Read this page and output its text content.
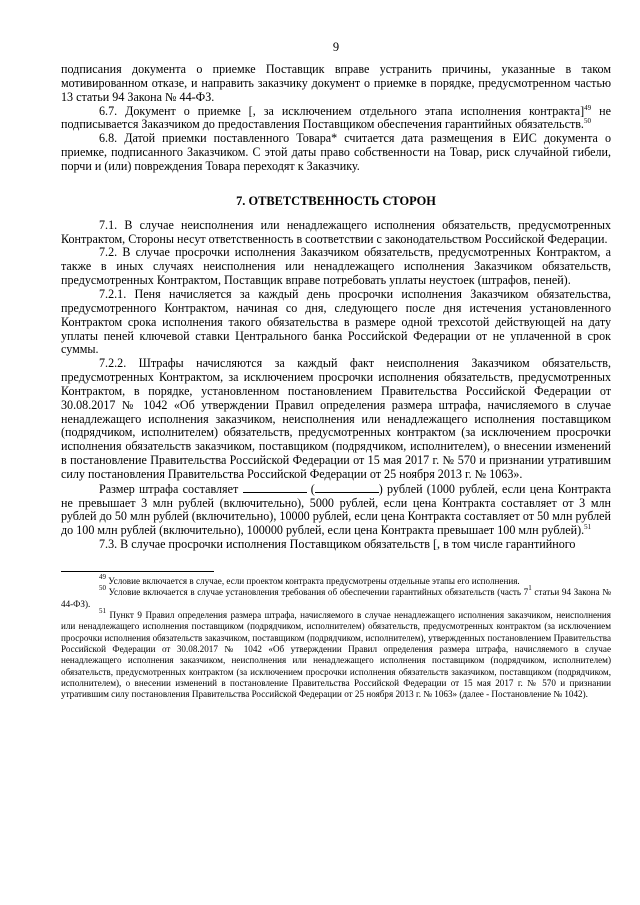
9

подписания документа о приемке Поставщик вправе устранить причины, указанные в таком мотивированном отказе, и направить заказчику документ о приемке в порядке, предусмотренном частью 13 статьи 94 Закона № 44-ФЗ.

6.7. Документ о приемке [, за исключением отдельного этапа исполнения контракта]$^{49}$ не подписывается Заказчиком до предоставления Поставщиком обеспечения гарантийных обязательств.$^{50}$

6.8. Датой приемки поставленного Товара* считается дата размещения в ЕИС документа о приемке, подписанного Заказчиком. С этой даты право собственности на Товар, риск случайной гибели, порчи и (или) повреждения Товара переходят к Заказчику.

7. ОТВЕТСТВЕННОСТЬ СТОРОН

7.1. В случае неисполнения или ненадлежащего исполнения обязательств, предусмотренных Контрактом, Стороны несут ответственность в соответствии с законодательством Российской Федерации.

7.2. В случае просрочки исполнения Заказчиком обязательств, предусмотренных Контрактом, а также в иных случаях неисполнения или ненадлежащего исполнения Заказчиком обязательств, предусмотренных Контрактом, Поставщик вправе потребовать уплаты неустоек (штрафов, пеней).

7.2.1. Пеня начисляется за каждый день просрочки исполнения Заказчиком обязательства, предусмотренного Контрактом, начиная со дня, следующего после дня истечения установленного Контрактом срока исполнения такого обязательства в размере одной трехсотой действующей на дату уплаты пеней ключевой ставки Центрального банка Российской Федерации от не уплаченной в срок суммы.

7.2.2. Штрафы начисляются за каждый факт неисполнения Заказчиком обязательств, предусмотренных Контрактом, за исключением просрочки исполнения обязательств, предусмотренных Контрактом, в порядке, установленном постановлением Правительства Российской Федерации от 30.08.2017 № 1042 «Об утверждении Правил определения размера штрафа, начисляемого в случае ненадлежащего исполнения заказчиком, неисполнения или ненадлежащего исполнения поставщиком (подрядчиком, исполнителем) обязательств, предусмотренных контрактом (за исключением просрочки исполнения обязательств заказчиком, поставщиком (подрядчиком, исполнителем), о внесении изменений в постановление Правительства Российской Федерации от 15 мая 2017 г. № 570 и признании утратившим силу постановления Правительства Российской Федерации от 25 ноября 2013 г. № 1063».

Размер штрафа составляет	(	) рублей (1000 рублей, если цена Контракта не превышает 3 млн рублей (включительно), 5000 рублей, если цена Контракта составляет от 3 млн рублей до 50 млн рублей (включительно), 10000 рублей, если цена Контракта составляет от 50 млн рублей до 100 млн рублей (включительно), 100000 рублей, если цена Контракта превышает 100 млн рублей).$^{51}$

7.3. В случае просрочки исполнения Поставщиком обязательств [, в том числе гарантийного

$^{49}$ Условие включается в случае, если проектом контракта предусмотрены отдельные этапы его исполнения.

$^{50}$ Условие включается в случае установления требования об обеспечении гарантийных обязательств (часть $7^1$ статьи 94 Закона № 44-ФЗ).

$^{51}$ Пункт 9 Правил определения размера штрафа, начисляемого в случае ненадлежащего исполнения заказчиком, неисполнения или ненадлежащего исполнения поставщиком (подрядчиком, исполнителем) обязательств, предусмотренных контрактом (за исключением просрочки исполнения обязательств заказчиком, поставщиком (подрядчиком, исполнителем), утвержденных постановлением Правительства Российской Федерации от 30.08.2017 № 1042 «Об утверждении Правил определения размера штрафа, начисляемого в случае ненадлежащего исполнения заказчиком, неисполнения или ненадлежащего исполнения поставщиком (подрядчиком, исполнителем) обязательств, предусмотренных контрактом (за исключением просрочки исполнения обязательств заказчиком, поставщиком (подрядчиком, исполнителем), о внесении изменений в постановление Правительства Российской Федерации от 15 мая 2017 г. № 570 и признании утратившим силу постановления Правительства Российской Федерации от 25 ноября 2013 г. № 1063» (далее - Постановление № 1042).
